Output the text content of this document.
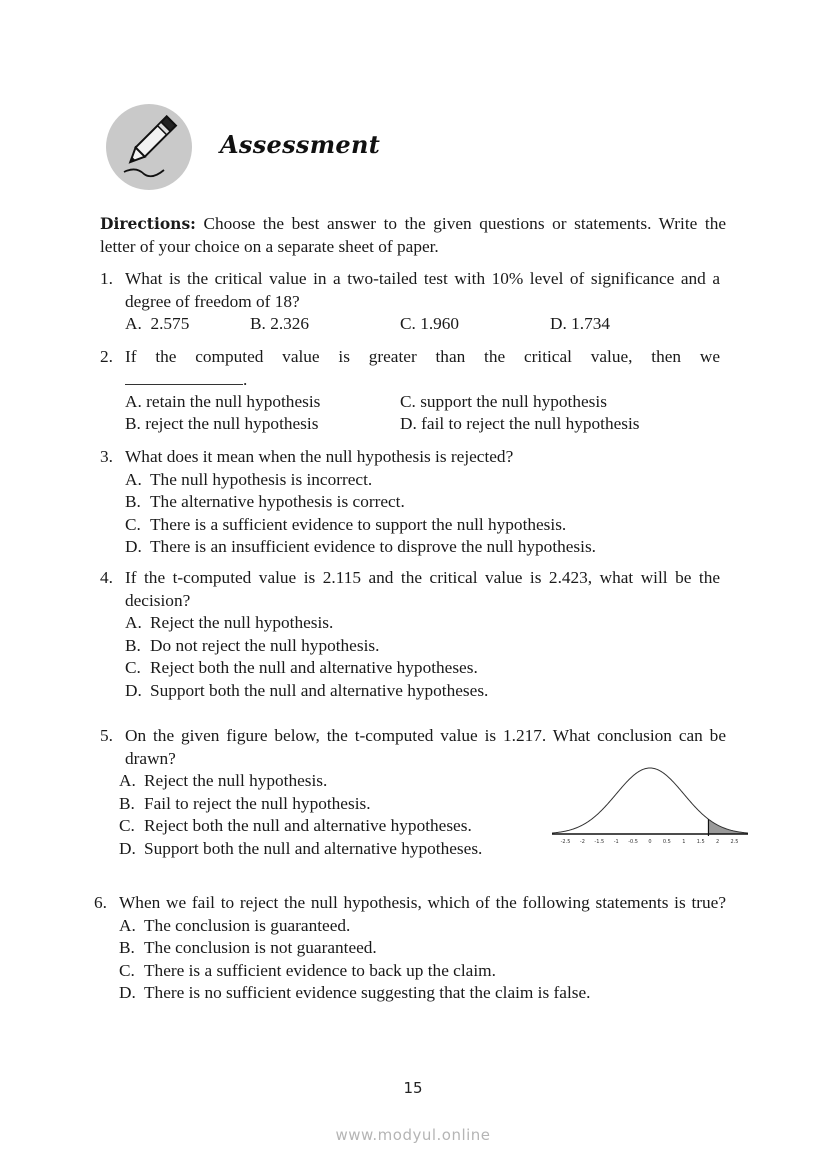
Assessment
Directions: Choose the best answer to the given questions or statements. Write the letter of your choice on a separate sheet of paper.
1. What is the critical value in a two-tailed test with 10% level of significance and a degree of freedom of 18?
A. 2.575	B. 2.326	C. 1.960	D. 1.734
2. If the computed value is greater than the critical value, then we
.
A. retain the null hypothesis	C. support the null hypothesis
B. reject the null hypothesis	D. fail to reject the null hypothesis
3. What does it mean when the null hypothesis is rejected?
A. The null hypothesis is incorrect.
B. The alternative hypothesis is correct.
C. There is a sufficient evidence to support the null hypothesis.
D. There is an insufficient evidence to disprove the null hypothesis.
4. If the t-computed value is 2.115 and the critical value is 2.423, what will be the decision?
A. Reject the null hypothesis.
B. Do not reject the null hypothesis.
C. Reject both the null and alternative hypotheses.
D. Support both the null and alternative hypotheses.
5. On the given figure below, the t-computed value is 1.217. What conclusion can be drawn?
A. Reject the null hypothesis.
B. Fail to reject the null hypothesis.
C. Reject both the null and alternative hypotheses.
D. Support both the null and alternative hypotheses.	-2.5 -2 -1.5 -1 -0.5 0 0.5 1 1.5 2 2.5
6. When we fail to reject the null hypothesis, which of the following statements is true?
A. The conclusion is guaranteed.
B. The conclusion is not guaranteed.
C. There is a sufficient evidence to back up the claim.
D. There is no sufficient evidence suggesting that the claim is false.
15
www.modyul.online
